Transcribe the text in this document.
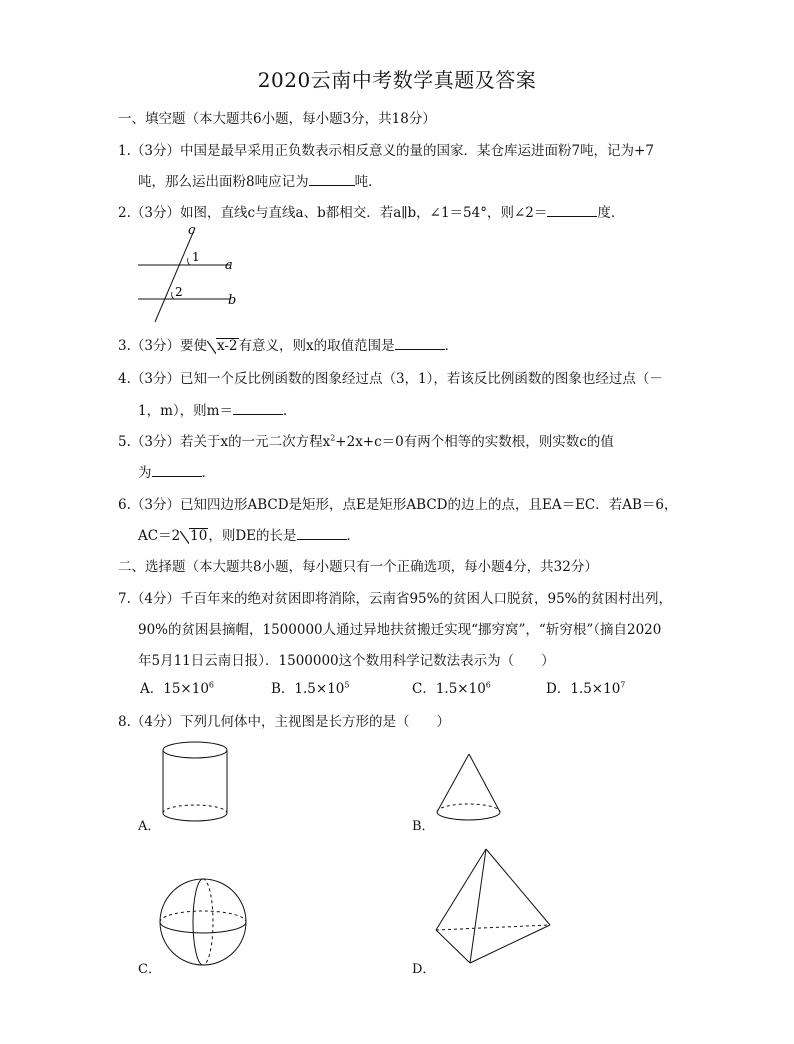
2020云南中考数学真题及答案
一、填空题（本大题共6小题，每小题3分，共18分）
1.（3分）中国是最早采用正负数表示相反意义的量的国家．某仓库运进面粉7吨，记为+7
吨，那么运出面粉8吨应记为	吨．
2.（3分）如图，直线c与直线a、b都相交．若a∥b，∠1＝54°，则∠2＝	度．
c
1
a
2
b
3.（3分）要使 x-2有意义，则x的取值范围是	．
4.（3分）已知一个反比例函数的图象经过点（3，1），若该反比例函数的图象也经过点（－
1，m），则m＝	．
5.（3分）若关于x的一元二次方程$x^2+2x+c=0$有两个相等的实数根，则实数c的值
为	．
6.（3分）已知四边形ABCD是矩形，点E是矩形ABCD的边上的点，且EA＝EC．若AB＝6，
AC＝2 10，则DE的长是	．
二、选择题（本大题共8小题，每小题只有一个正确选项，每小题4分，共32分）
7.（4分）千百年来的绝对贫困即将消除，云南省95%的贫困人口脱贫，95%的贫困村出列，
90%的贫困县摘帽，1500000人通过异地扶贫搬迁实现“挪穷窝”，“斩穷根”（摘自2020
年5月11日云南日报）．1500000这个数用科学记数法表示为（　　）
A．$15\times 10^6$	B．$1.5\times 10^5$	C．$1.5\times 10^6$	D．$1.5\times 10^7$
8.（4分）下列几何体中，主视图是长方形的是（　　）
A．	B．
C．	D．
